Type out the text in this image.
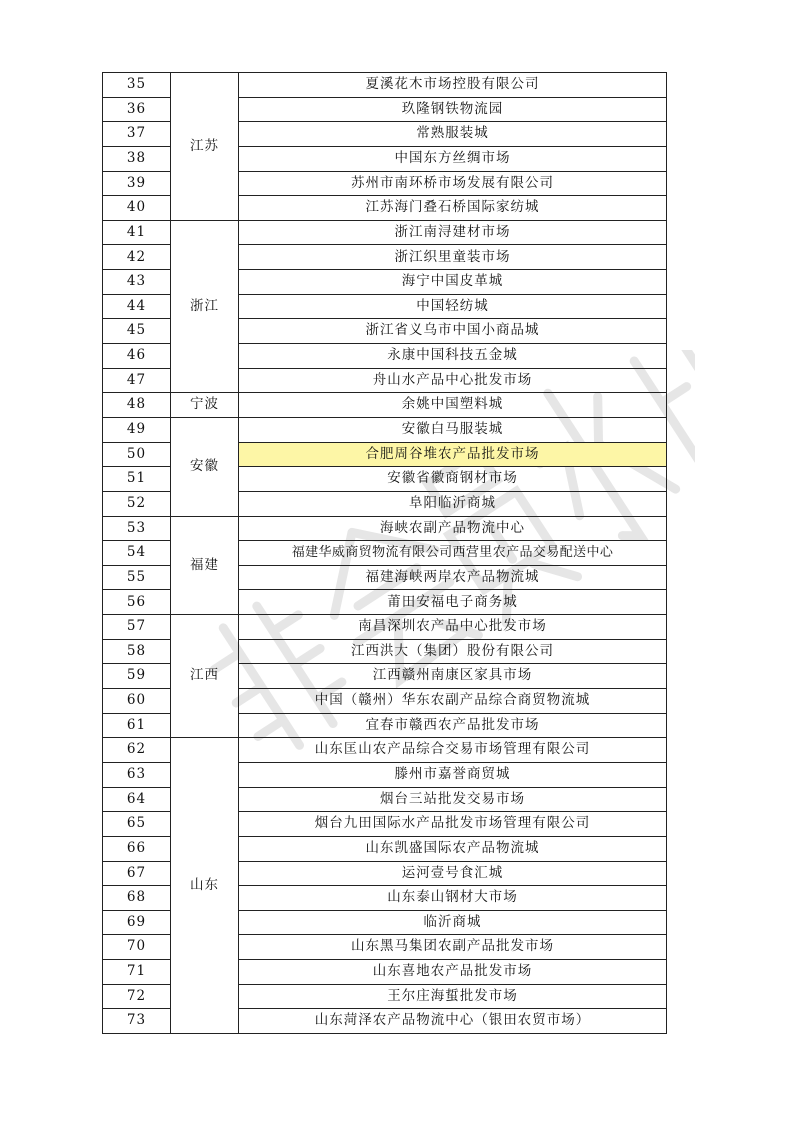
35	江苏	夏溪花木市场控股有限公司
36		玖隆钢铁物流园
37		常熟服装城
38		中国东方丝绸市场
39		苏州市南环桥市场发展有限公司
40		江苏海门叠石桥国际家纺城
41	浙江	浙江南浔建材市场
42		浙江织里童装市场
43		海宁中国皮革城
44		中国轻纺城
45		浙江省义乌市中国小商品城
46		永康中国科技五金城
47		舟山水产品中心批发市场
48	宁波	余姚中国塑料城
49	安徽	安徽白马服装城
50		合肥周谷堆农产品批发市场
51		安徽省徽商钢材市场
52		阜阳临沂商城
53	福建	海峡农副产品物流中心
54		福建华威商贸物流有限公司西营里农产品交易配送中心
55		福建海峡两岸农产品物流城
56		莆田安福电子商务城
57	江西	南昌深圳农产品中心批发市场
58		江西洪大（集团）股份有限公司
59		江西赣州南康区家具市场
60		中国（赣州）华东农副产品综合商贸物流城
61		宜春市赣西农产品批发市场
62	山东	山东匡山农产品综合交易市场管理有限公司
63		滕州市嘉誉商贸城
64		烟台三站批发交易市场
65		烟台九田国际水产品批发市场管理有限公司
66		山东凯盛国际农产品物流城
67		运河壹号食汇城
68		山东泰山钢材大市场
69		临沂商城
70		山东黑马集团农副产品批发市场
71		山东喜地农产品批发市场
72		王尔庄海蜇批发市场
73		山东菏泽农产品物流中心（银田农贸市场）
